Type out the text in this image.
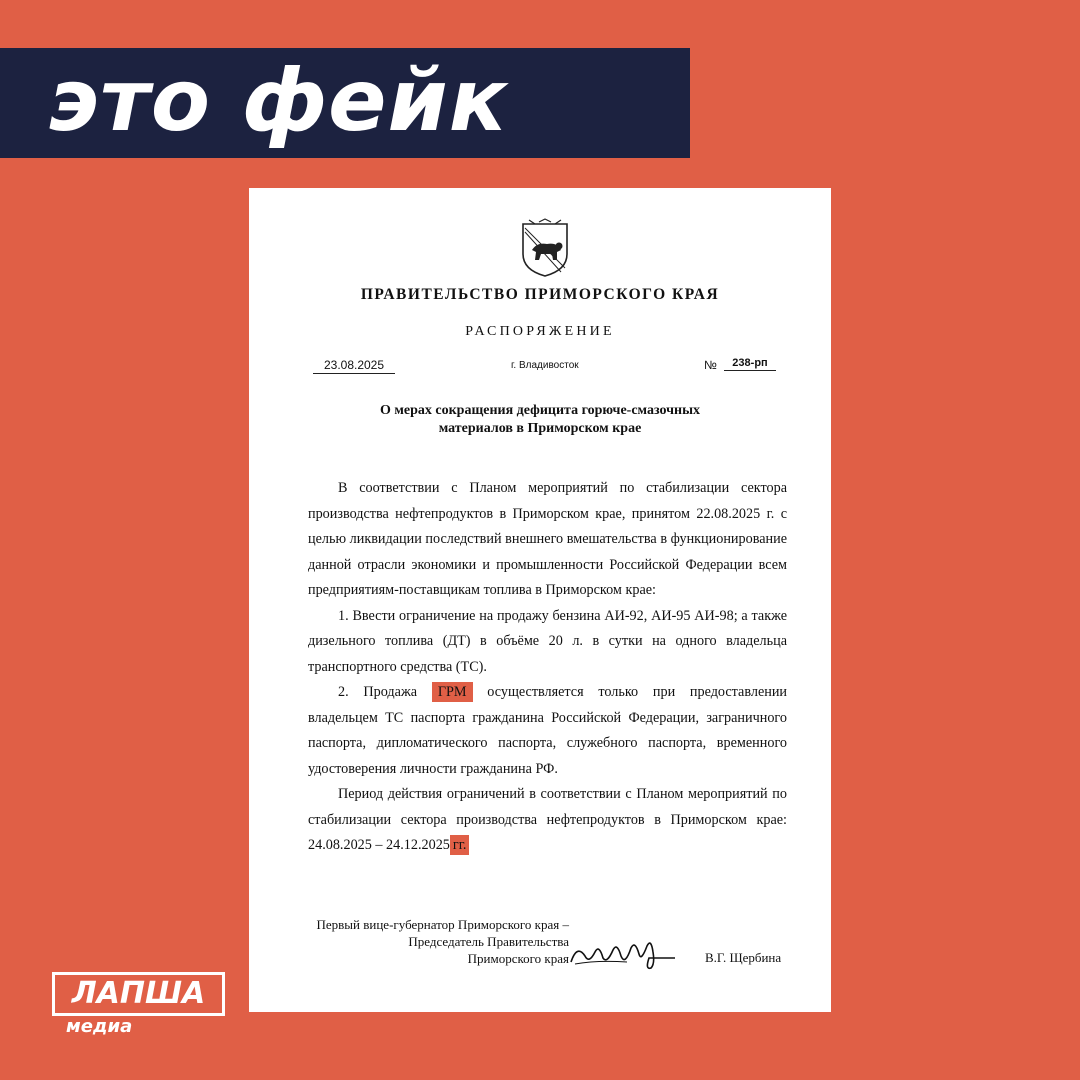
это фейк
ПРАВИТЕЛЬСТВО ПРИМОРСКОГО КРАЯ
РАСПОРЯЖЕНИЕ
23.08.2025	г. Владивосток	№	238-рп
О мерах сокращения дефицита горюче-смазочных материалов в Приморском крае

В соответствии с Планом мероприятий по стабилизации сектора производства нефтепродуктов в Приморском крае, принятом 22.08.2025 г. с целью ликвидации последствий внешнего вмешательства в функционирование данной отрасли экономики и промышленности Российской Федерации всем предприятиям-поставщикам топлива в Приморском крае:

1. Ввести ограничение на продажу бензина АИ-92, АИ-95 АИ-98; а также дизельного топлива (ДТ) в объёме 20 л. в сутки на одного владельца транспортного средства (ТС).

2. Продажа ГРМ осуществляется только при предоставлении владельцем ТС паспорта гражданина Российской Федерации, заграничного паспорта, дипломатического паспорта, служебного паспорта, временного удостоверения личности гражданина РФ.

Период действия ограничений в соответствии с Планом мероприятий по стабилизации сектора производства нефтепродуктов в Приморском крае: 24.08.2025 – 24.12.2025 гг.

Первый вице-губернатор Приморского края –
Председатель Правительства
Приморского края	В.Г. Щербина
ЛАПША
медиа
